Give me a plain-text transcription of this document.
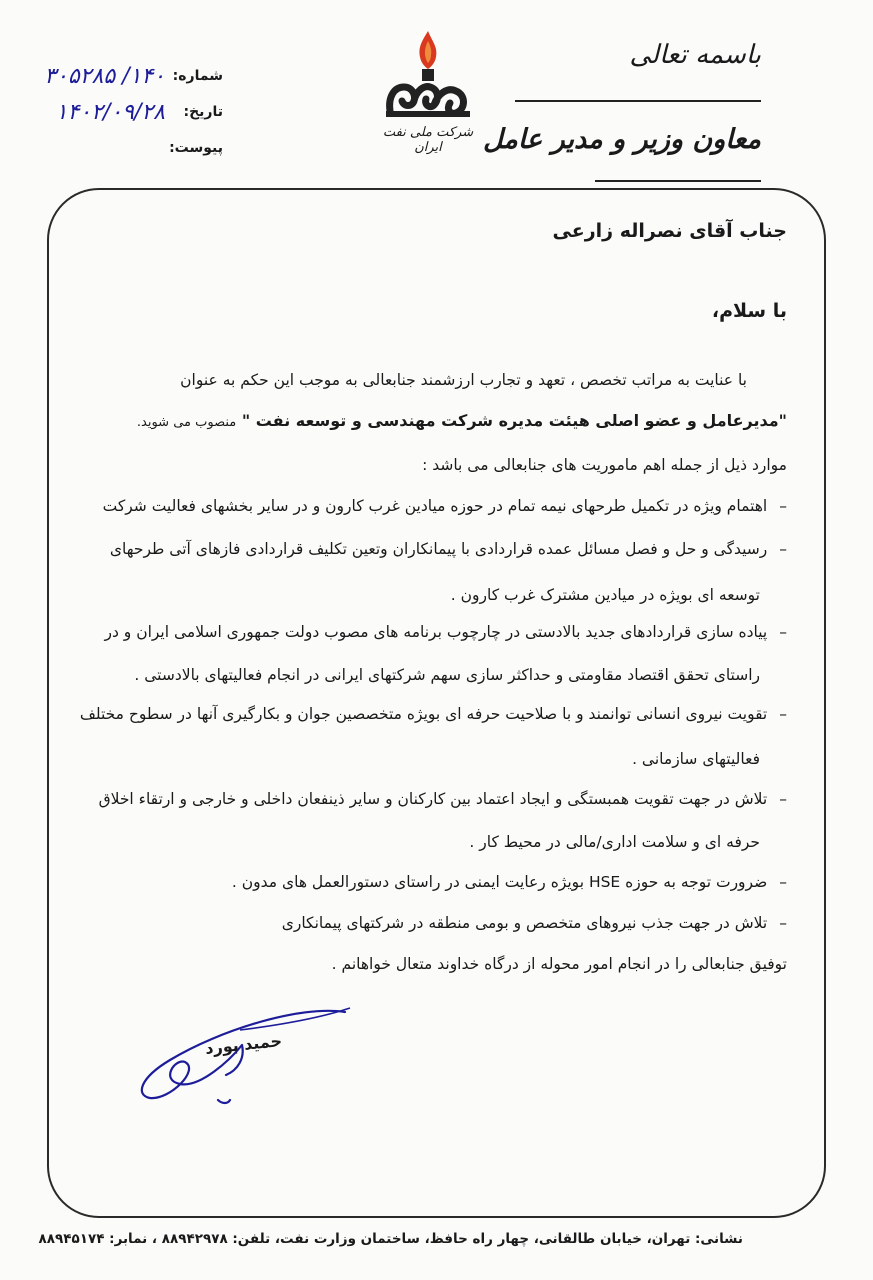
باسمه تعالی
معاون وزیر و مدیر عامل
شرکت ملی نفت ایران
شماره:
۳۰۵۲۸۵ /۱۴۰
تاریخ:
۱۴۰۲/۰۹/۲۸
پیوست:
جناب آقای نصراله زارعی
با سلام،
با عنایت به مراتب تخصص ، تعهد و تجارب ارزشمند جنابعالی به موجب این حکم به عنوان
"مدیرعامل و عضو اصلی هیئت مدیره شرکت مهندسی و توسعه نفت " منصوب می شوید.
موارد ذیل از جمله اهم ماموریت های جنابعالی می باشد :
–اهتمام ویژه در تکمیل طرحهای نیمه تمام در حوزه میادین غرب کارون و در سایر بخشهای فعالیت شرکت
–رسیدگی و حل و فصل مسائل عمده قراردادی با پیمانکاران وتعین تکلیف قراردادی فازهای آتی طرحهای
توسعه ای بویژه در میادین مشترک غرب کارون .
–پیاده سازی قراردادهای جدید بالادستی در چارچوب برنامه های مصوب دولت جمهوری اسلامی ایران و در
راستای تحقق اقتصاد مقاومتی و حداکثر سازی سهم شرکتهای ایرانی در انجام فعالیتهای بالادستی .
–تقویت نیروی انسانی توانمند و با صلاحیت حرفه ای بویژه متخصصین جوان و بکارگیری آنها در سطوح مختلف
فعالیتهای سازمانی .
–تلاش در جهت تقویت همبستگی و ایجاد اعتماد بین کارکنان و سایر ذینفعان داخلی و خارجی و ارتقاء اخلاق
حرفه ای و سلامت اداری/مالی در محیط کار .
–ضرورت توجه به حوزه HSE بویژه رعایت ایمنی در راستای دستورالعمل های مدون .
–تلاش در جهت جذب نیروهای متخصص و بومی منطقه در شرکتهای پیمانکاری
توفیق جنابعالی را در انجام امور محوله از درگاه خداوند متعال خواهانم .
حمید بورد
نشانی: تهران، خیابان طالقانی، چهار راه حافظ، ساختمان وزارت نفت، تلفن: ۸۸۹۴۲۹۷۸ ، نمابر: ۸۸۹۴۵۱۷۴
